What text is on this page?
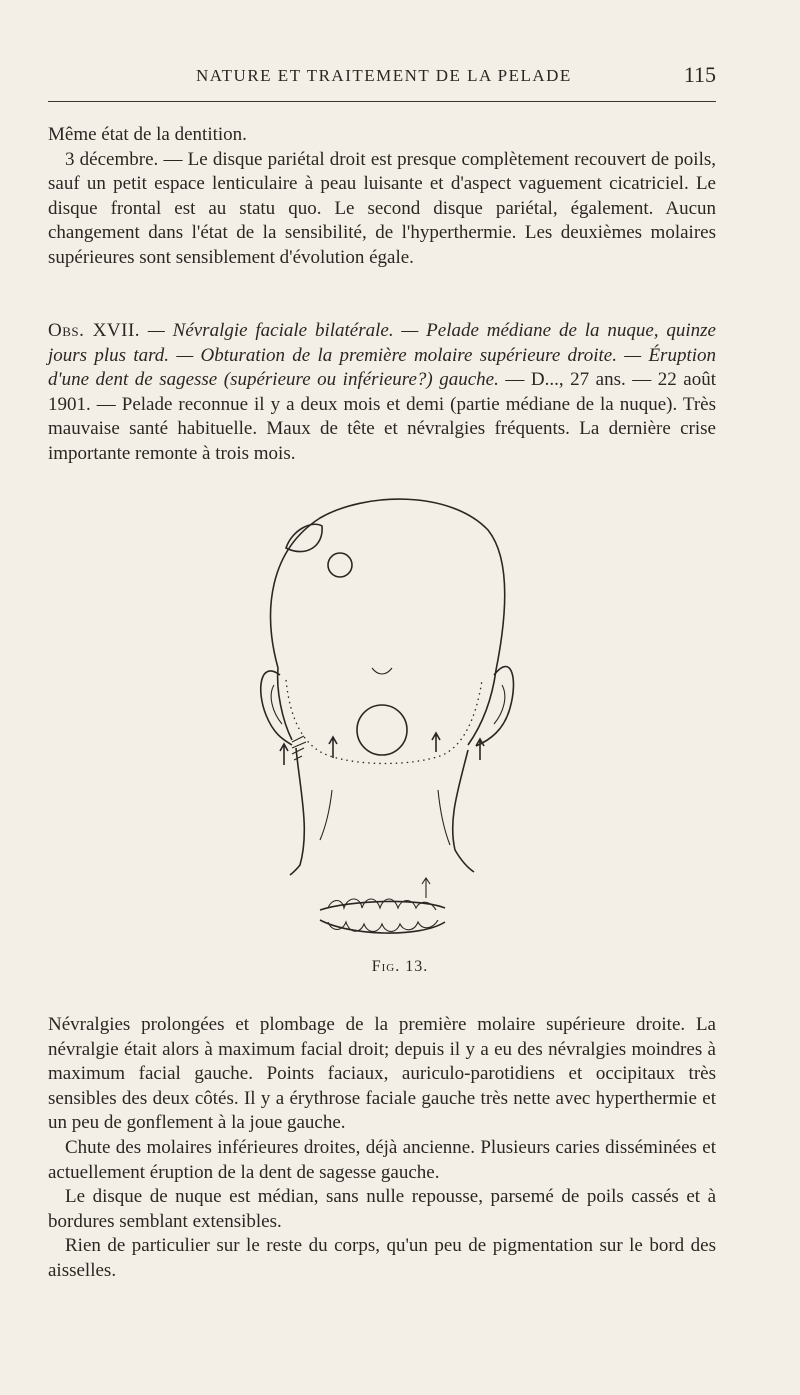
NATURE ET TRAITEMENT DE LA PELADE	115

Même état de la dentition.

3 décembre. — Le disque pariétal droit est presque complètement recouvert de poils, sauf un petit espace lenticulaire à peau luisante et d'aspect vaguement cicatriciel. Le disque frontal est au statu quo. Le second disque pariétal, également. Aucun changement dans l'état de la sensibilité, de l'hyperthermie. Les deuxièmes molaires supérieures sont sensiblement d'évolution égale.

Obs. XVII. — Névralgie faciale bilatérale. — Pelade médiane de la nuque, quinze jours plus tard. — Obturation de la première molaire supérieure droite. — Éruption d'une dent de sagesse (supérieure ou inférieure?) gauche. — D..., 27 ans. — 22 août 1901. — Pelade reconnue il y a deux mois et demi (partie médiane de la nuque). Très mauvaise santé habituelle. Maux de tête et névralgies fréquents. La dernière crise importante remonte à trois mois.

Fig. 13.

Névralgies prolongées et plombage de la première molaire supérieure droite. La névralgie était alors à maximum facial droit; depuis il y a eu des névralgies moindres à maximum facial gauche. Points faciaux, auriculo-parotidiens et occipitaux très sensibles des deux côtés. Il y a érythrose faciale gauche très nette avec hyperthermie et un peu de gonflement à la joue gauche.

Chute des molaires inférieures droites, déjà ancienne. Plusieurs caries disséminées et actuellement éruption de la dent de sagesse gauche.

Le disque de nuque est médian, sans nulle repousse, parsemé de poils cassés et à bordures semblant extensibles.

Rien de particulier sur le reste du corps, qu'un peu de pigmentation sur le bord des aisselles.
